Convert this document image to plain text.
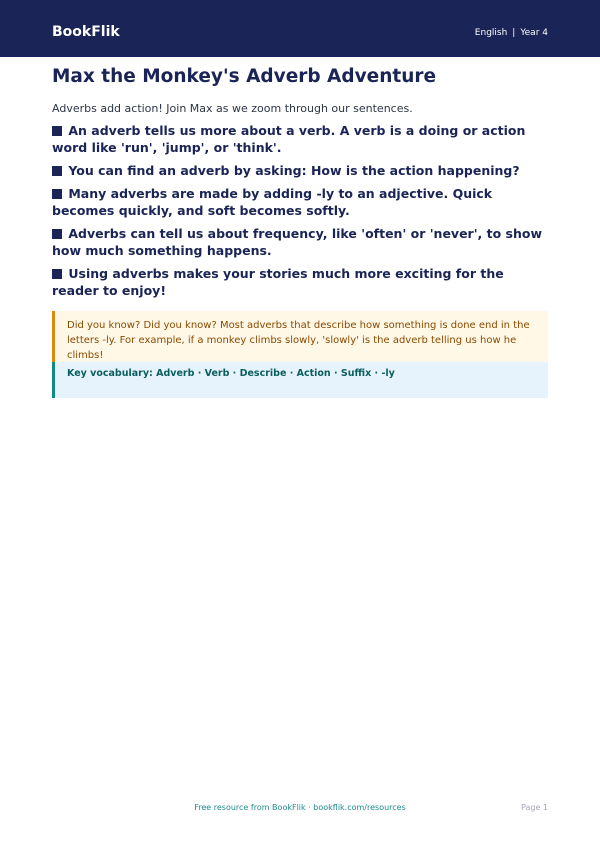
BookFlik	English | Year 4
Max the Monkey's Adverb Adventure

Adverbs add action! Join Max as we zoom through our sentences.

An adverb tells us more about a verb. A verb is a doing or action word like 'run', 'jump', or 'think'.
You can find an adverb by asking: How is the action happening?
Many adverbs are made by adding -ly to an adjective. Quick becomes quickly, and soft becomes softly.
Adverbs can tell us about frequency, like 'often' or 'never', to show how much something happens.
Using adverbs makes your stories much more exciting for the reader to enjoy!
Did you know? Did you know? Most adverbs that describe how something is done end in the letters -ly. For example, if a monkey climbs slowly, 'slowly' is the adverb telling us how he climbs!
Key vocabulary: Adverb · Verb · Describe · Action · Suffix · -ly
Free resource from BookFlik · bookflik.com/resources	Page 1
